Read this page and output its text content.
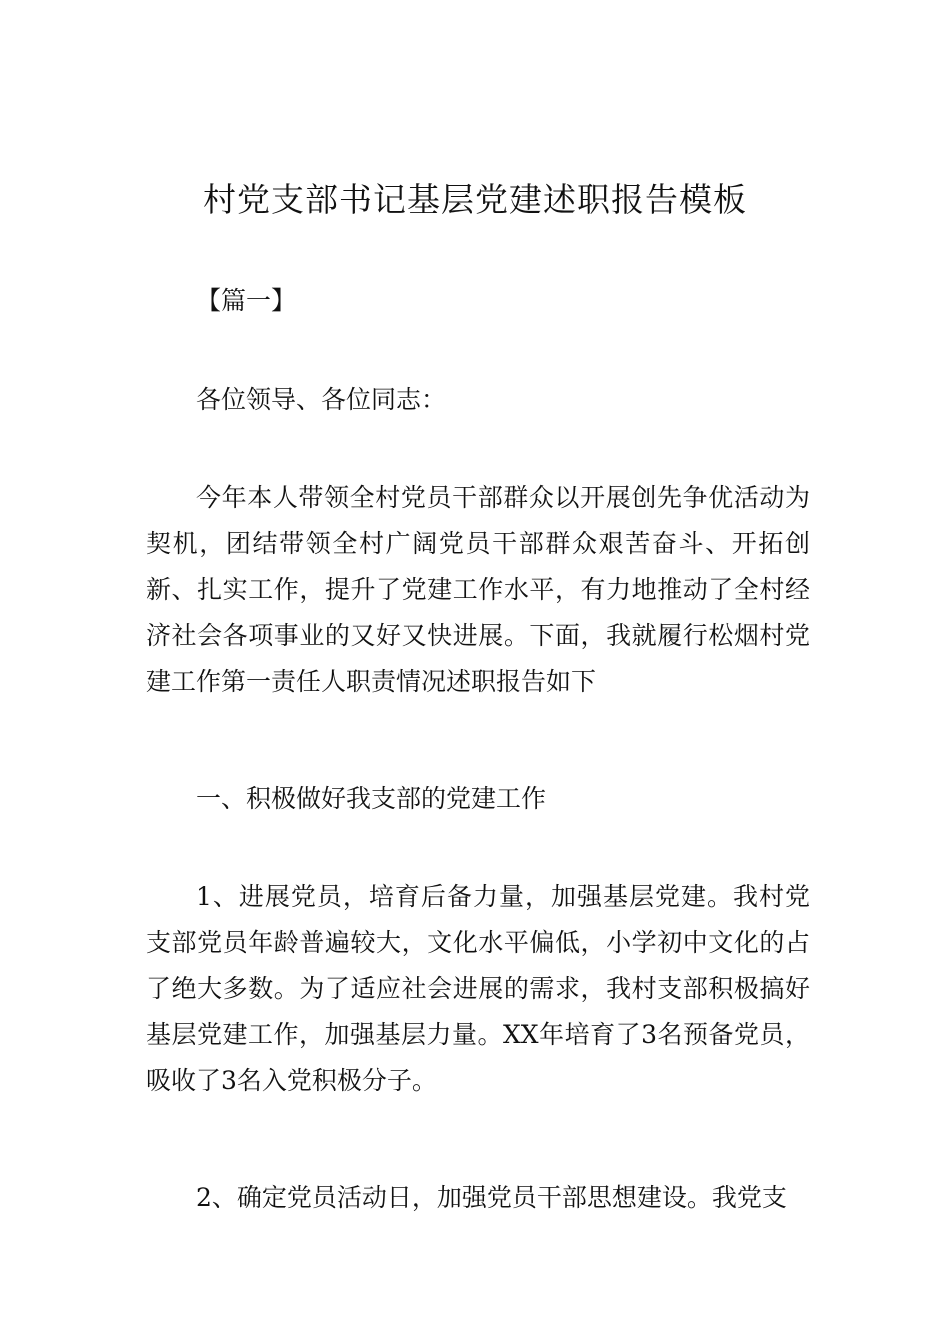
村党支部书记基层党建述职报告模板

【篇一】

各位领导、各位同志：

今年本人带领全村党员干部群众以开展创先争优活动为契机，团结带领全村广阔党员干部群众艰苦奋斗、开拓创新、扎实工作，提升了党建工作水平，有力地推动了全村经济社会各项事业的又好又快进展。下面，我就履行松烟村党建工作第一责任人职责情况述职报告如下

一、积极做好我支部的党建工作

1、进展党员，培育后备力量，加强基层党建。我村党支部党员年龄普遍较大，文化水平偏低，小学初中文化的占了绝大多数。为了适应社会进展的需求，我村支部积极搞好基层党建工作，加强基层力量。XX年培育了3名预备党员，吸收了3名入党积极分子。

2、确定党员活动日，加强党员干部思想建设。我党支
